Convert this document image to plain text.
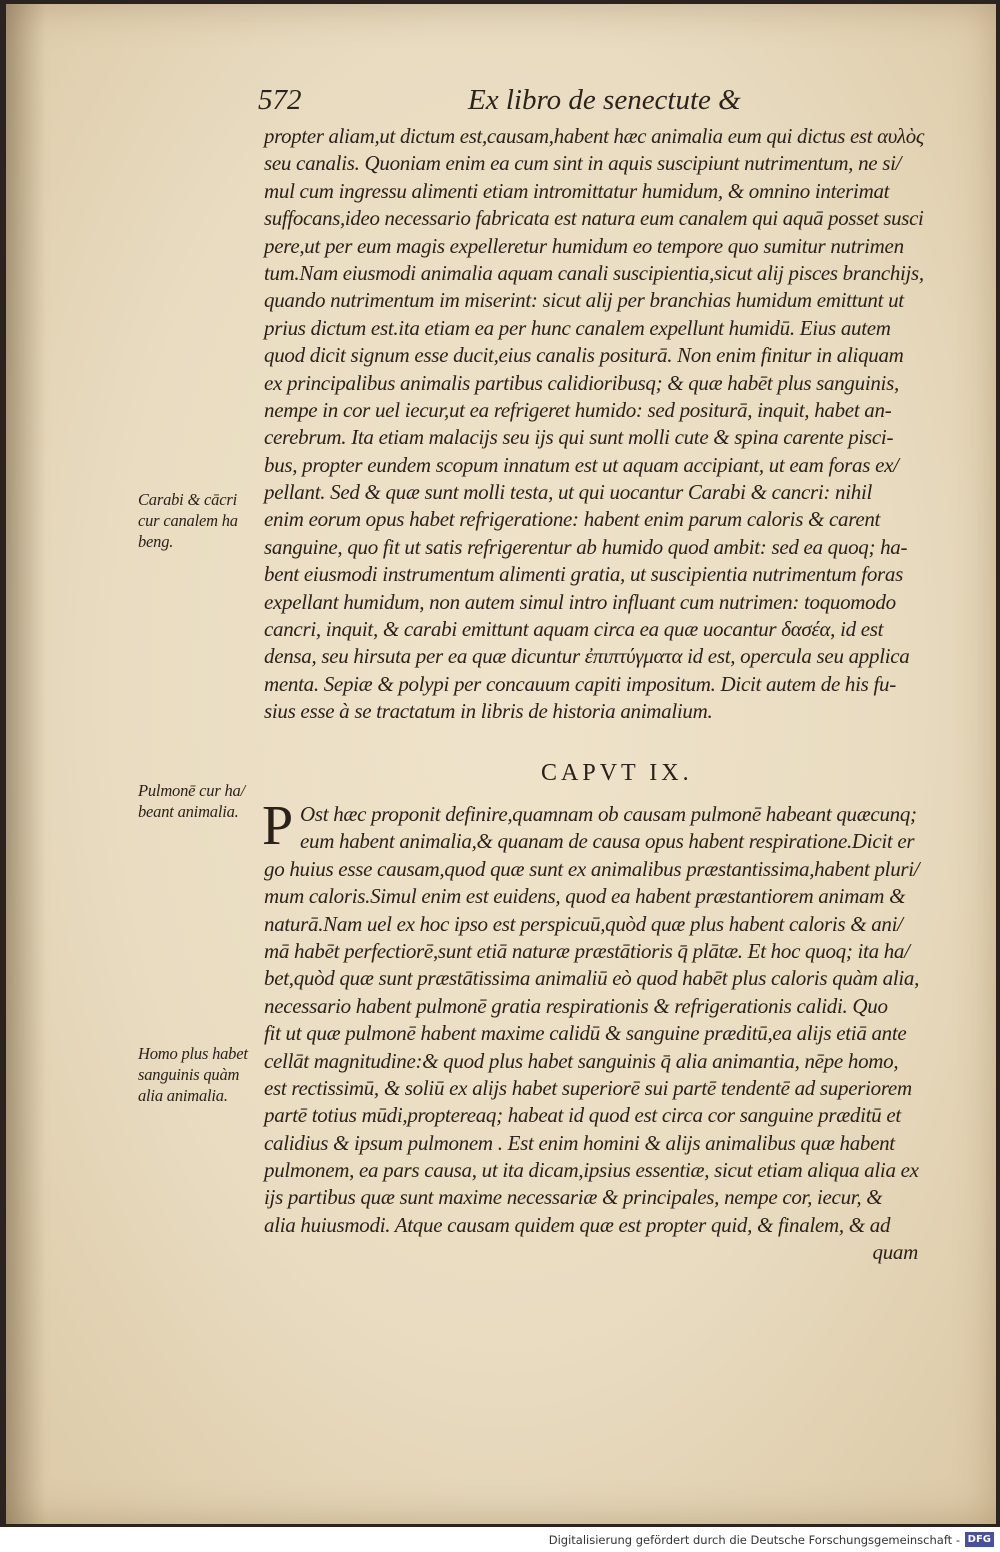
572	Ex libro de senectute &
propter aliam,ut dictum est,causam,habent hæc animalia eum qui dictus est αυλὸς
seu canalis. Quoniam enim ea cum sint in aquis suscipiunt nutrimentum, ne si/
mul cum ingressu alimenti etiam intromittatur humidum, & omnino interimat
suffocans,ideo necessario fabricata est natura eum canalem qui aquā posset susci
pere,ut per eum magis expelleretur humidum eo tempore quo sumitur nutrimen
tum.Nam eiusmodi animalia aquam canali suscipientia,sicut alij pisces branchijs,
quando nutrimentum im miserint: sicut alij per branchias humidum emittunt ut
prius dictum est.ita etiam ea per hunc canalem expellunt humidū. Eius autem
quod dicit signum esse ducit,eius canalis positurā. Non enim finitur in aliquam
ex principalibus animalis partibus calidioribusq; & quæ habēt plus sanguinis,
nempe in cor uel iecur,ut ea refrigeret humido: sed positurā, inquit, habet an-
cerebrum. Ita etiam malacijs seu ijs qui sunt molli cute & spina carente pisci-
bus, propter eundem scopum innatum est ut aquam accipiant, ut eam foras ex/
pellant. Sed & quæ sunt molli testa, ut qui uocantur Carabi & cancri: nihil
enim eorum opus habet refrigeratione: habent enim parum caloris & carent
sanguine, quo fit ut satis refrigerentur ab humido quod ambit: sed ea quoq; ha-
bent eiusmodi instrumentum alimenti gratia, ut suscipientia nutrimentum foras
expellant humidum, non autem simul intro influant cum nutrimen: toquomodo
cancri, inquit, & carabi emittunt aquam circa ea quæ uocantur δασέα, id est
densa, seu hirsuta per ea quæ dicuntur ἐπιπτύγματα id est, opercula seu applica
menta. Sepiæ & polypi per concauum capiti impositum. Dicit autem de his fu-
sius esse à se tractatum in libris de historia animalium.
CAPVT IX.
P Ost hæc proponit definire,quamnam ob causam pulmonē habeant quæcunq;
eum habent animalia,& quanam de causa opus habent respiratione.Dicit er
go huius esse causam,quod quæ sunt ex animalibus præstantissima,habent pluri/
mum caloris.Simul enim est euidens, quod ea habent præstantiorem animam &
naturā.Nam uel ex hoc ipso est perspicuū,quòd quæ plus habent caloris & ani/
mā habēt perfectiorē,sunt etiā naturæ præstātioris q̄ plātæ. Et hoc quoq; ita ha/
bet,quòd quæ sunt præstātissima animaliū eò quod habēt plus caloris quàm alia,
necessario habent pulmonē gratia respirationis & refrigerationis calidi. Quo
fit ut quæ pulmonē habent maxime calidū & sanguine præditū,ea alijs etiā ante
cellāt magnitudine:& quod plus habet sanguinis q̄ alia animantia, nēpe homo,
est rectissimū, & soliū ex alijs habet superiorē sui partē tendentē ad superiorem
partē totius mūdi,proptereaq; habeat id quod est circa cor sanguine præditū et
calidius & ipsum pulmonem . Est enim homini & alijs animalibus quæ habent
pulmonem, ea pars causa, ut ita dicam,ipsius essentiæ, sicut etiam aliqua alia ex
ijs partibus quæ sunt maxime necessariæ & principales, nempe cor, iecur, &
alia huiusmodi. Atque causam quidem quæ est propter quid, & finalem, & ad
quam
Carabi & cācri
cur canalem ha
beng.
Pulmonē cur ha/
beant animalia.
Homo plus habet
sanguinis quàm
alia animalia.
Digitalisierung gefördert durch die Deutsche Forschungsgemeinschaft - DFG
